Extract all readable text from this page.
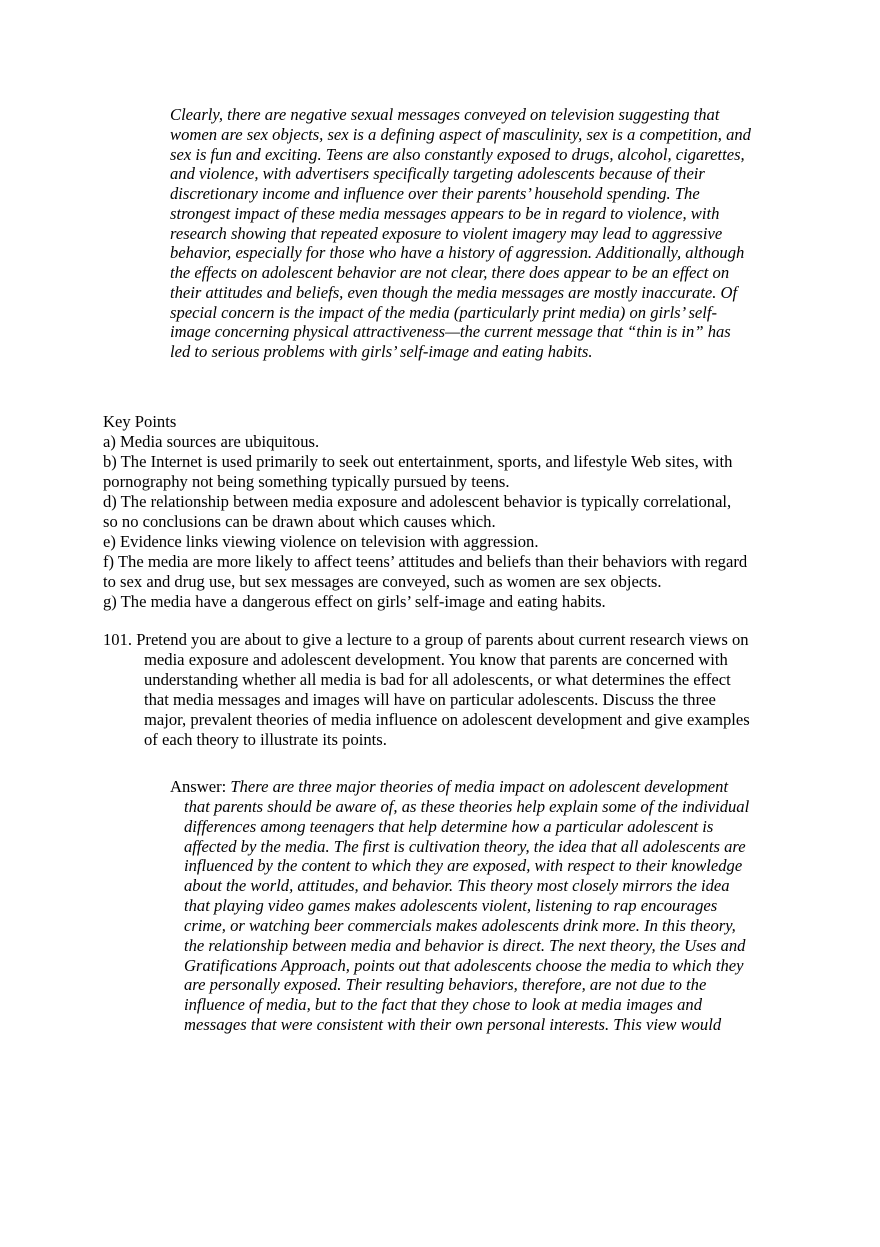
Clearly, there are negative sexual messages conveyed on television suggesting that
women are sex objects, sex is a defining aspect of masculinity, sex is a competition, and
sex is fun and exciting. Teens are also constantly exposed to drugs, alcohol, cigarettes,
and violence, with advertisers specifically targeting adolescents because of their
discretionary income and influence over their parents’ household spending. The
strongest impact of these media messages appears to be in regard to violence, with
research showing that repeated exposure to violent imagery may lead to aggressive
behavior, especially for those who have a history of aggression. Additionally, although
the effects on adolescent behavior are not clear, there does appear to be an effect on
their attitudes and beliefs, even though the media messages are mostly inaccurate. Of
special concern is the impact of the media (particularly print media) on girls’ self-
image concerning physical attractiveness—the current message that “thin is in” has
led to serious problems with girls’ self-image and eating habits.
Key Points
a) Media sources are ubiquitous.
b) The Internet is used primarily to seek out entertainment, sports, and lifestyle Web sites, with
pornography not being something typically pursued by teens.
d) The relationship between media exposure and adolescent behavior is typically correlational,
so no conclusions can be drawn about which causes which.
e) Evidence links viewing violence on television with aggression.
f) The media are more likely to affect teens’ attitudes and beliefs than their behaviors with regard
to sex and drug use, but sex messages are conveyed, such as women are sex objects.
g) The media have a dangerous effect on girls’ self-image and eating habits.
101. Pretend you are about to give a lecture to a group of parents about current research views on
media exposure and adolescent development. You know that parents are concerned with
understanding whether all media is bad for all adolescents, or what determines the effect
that media messages and images will have on particular adolescents. Discuss the three
major, prevalent theories of media influence on adolescent development and give examples
of each theory to illustrate its points.
Answer: There are three major theories of media impact on adolescent development
that parents should be aware of, as these theories help explain some of the individual
differences among teenagers that help determine how a particular adolescent is
affected by the media. The first is cultivation theory, the idea that all adolescents are
influenced by the content to which they are exposed, with respect to their knowledge
about the world, attitudes, and behavior. This theory most closely mirrors the idea
that playing video games makes adolescents violent, listening to rap encourages
crime, or watching beer commercials makes adolescents drink more. In this theory,
the relationship between media and behavior is direct. The next theory, the Uses and
Gratifications Approach, points out that adolescents choose the media to which they
are personally exposed. Their resulting behaviors, therefore, are not due to the
influence of media, but to the fact that they chose to look at media images and
messages that were consistent with their own personal interests. This view would
